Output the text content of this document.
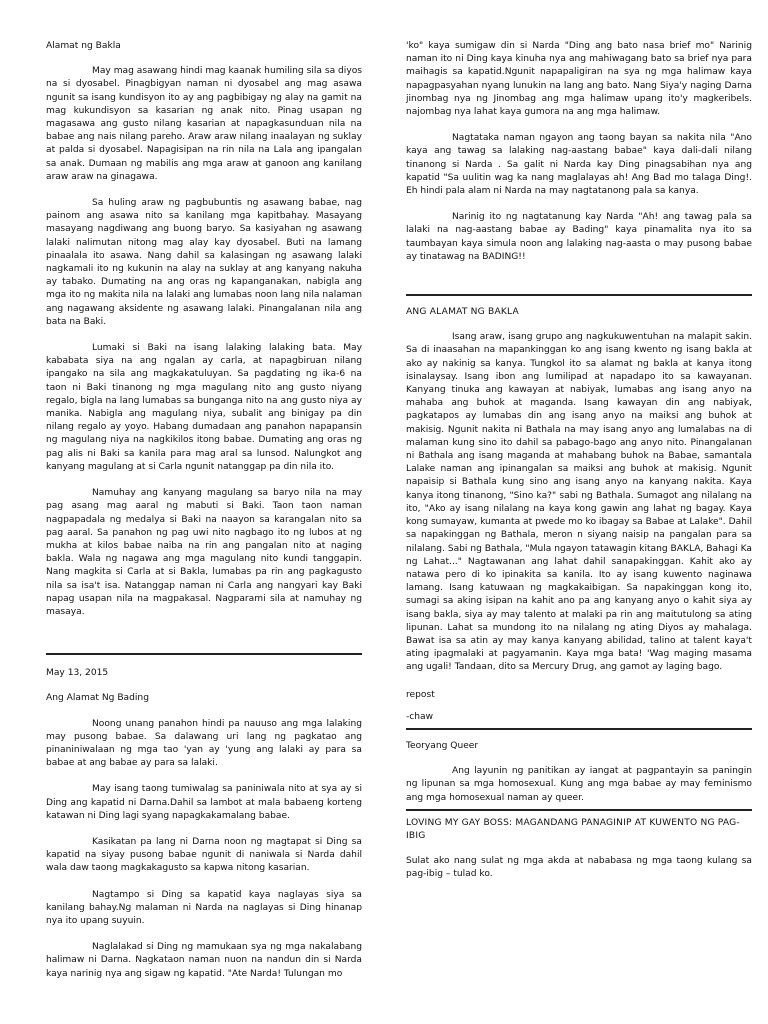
Alamat ng Bakla

May mag asawang hindi mag kaanak humiling sila sa diyos na si dyosabel. Pinagbigyan naman ni dyosabel ang mag asawa ngunit sa isang kundisyon ito ay ang pagbibigay ng alay na gamit na mag kukundisyon sa kasarian ng anak nito. Pinag usapan ng magasawa ang gusto nilang kasarian at napagkasunduan nila na babae ang nais nilang pareho. Araw araw nilang inaalayan ng suklay at palda si dyosabel. Napagisipan na rin nila na Lala ang ipangalan sa anak. Dumaan ng mabilis ang mga araw at ganoon ang kanilang araw araw na ginagawa.

Sa huling araw ng pagbubuntis ng asawang babae, nag painom ang asawa nito sa kanilang mga kapitbahay. Masayang masayang nagdiwang ang buong baryo. Sa kasiyahan ng asawang lalaki nalimutan nitong mag alay kay dyosabel. Buti na lamang pinaalala ito asawa. Nang dahil sa kalasingan ng asawang lalaki nagkamali ito ng kukunin na alay na suklay at ang kanyang nakuha ay tabako. Dumating na ang oras ng kapanganakan, nabigla ang mga ito ng makita nila na lalaki ang lumabas noon lang nila nalaman ang nagawang aksidente ng asawang lalaki. Pinangalanan nila ang bata na Baki.

Lumaki si Baki na isang lalaking lalaking bata. May kababata siya na ang ngalan ay carla, at napagbiruan nilang ipangako na sila ang magkakatuluyan. Sa pagdating ng ika-6 na taon ni Baki tinanong ng mga magulang nito ang gusto niyang regalo, bigla na lang lumabas sa bunganga nito na ang gusto niya ay manika. Nabigla ang magulang niya, subalit ang binigay pa din nilang regalo ay yoyo. Habang dumadaan ang panahon napapansin ng magulang niya na nagkikilos itong babae. Dumating ang oras ng pag alis ni Baki sa kanila para mag aral sa lunsod. Nalungkot ang kanyang magulang at si Carla ngunit natanggap pa din nila ito.

Namuhay ang kanyang magulang sa baryo nila na may pag asang mag aaral ng mabuti si Baki. Taon taon naman nagpapadala ng medalya si Baki na naayon sa karangalan nito sa pag aaral. Sa panahon ng pag uwi nito nagbago ito ng lubos at ng mukha at kilos babae naiba na rin ang pangalan nito at naging bakla. Wala ng nagawa ang mga magulang nito kundi tanggapin. Nang magkita si Carla at si Bakla, lumabas pa rin ang pagkagusto nila sa isa't isa. Natanggap naman ni Carla ang nangyari kay Baki napag usapan nila na magpakasal. Nagparami sila at namuhay ng masaya.

May 13, 2015

Ang Alamat Ng Bading

Noong unang panahon hindi pa nauuso ang mga lalaking may pusong babae. Sa dalawang uri lang ng pagkatao ang pinaniniwalaan ng mga tao 'yan ay 'yung ang lalaki ay para sa babae at ang babae ay para sa lalaki.

May isang taong tumiwalag sa paniniwala nito at sya ay si Ding ang kapatid ni Darna.Dahil sa lambot at mala babaeng korteng katawan ni Ding lagi syang napagkakamalang babae.

Kasikatan pa lang ni Darna noon ng magtapat si Ding sa kapatid na siyay pusong babae ngunit di naniwala si Narda dahil wala daw taong magkakagusto sa kapwa nitong kasarian.

Nagtampo si Ding sa kapatid kaya naglayas siya sa kanilang bahay.Ng malaman ni Narda na naglayas si Ding hinanap nya ito upang suyuin.

Naglalakad si Ding ng mamukaan sya ng mga nakalabang halimaw ni Darna. Nagkataon naman nuon na nandun din si Narda kaya narinig nya ang sigaw ng kapatid. "Ate Narda! Tulungan mo

'ko" kaya sumigaw din si Narda "Ding ang bato nasa brief mo" Narinig naman ito ni Ding kaya kinuha nya ang mahiwagang bato sa brief nya para maihagis sa kapatid.Ngunit napapaligiran na sya ng mga halimaw kaya napagpasyahan nyang lunukin na lang ang bato. Nang Siya'y naging Darna jinombag nya ng Jinombag ang mga halimaw upang ito'y magkeribels. najombag nya lahat kaya gumora na ang mga halimaw.

Nagtataka naman ngayon ang taong bayan sa nakita nila "Ano kaya ang tawag sa lalaking nag-aastang babae" kaya dali-dali nilang tinanong si Narda . Sa galit ni Narda kay Ding pinagsabihan nya ang kapatid "Sa uulitin wag ka nang maglalayas ah! Ang Bad mo talaga Ding!. Eh hindi pala alam ni Narda na may nagtatanong pala sa kanya.

Narinig ito ng nagtatanung kay Narda "Ah! ang tawag pala sa lalaki na nag-aastang babae ay Bading" kaya pinamalita nya ito sa taumbayan kaya simula noon ang lalaking nag-aasta o may pusong babae ay tinatawag na BADING!!

ANG ALAMAT NG BAKLA

Isang araw, isang grupo ang nagkukuwentuhan na malapit sakin. Sa di inaasahan na mapankinggan ko ang isang kwento ng isang bakla at ako ay nakinig sa kanya. Tungkol ito sa alamat ng bakla at kanya itong isinalaysay. Isang ibon ang lumilipad at napadapo ito sa kawayanan. Kanyang tinuka ang kawayan at nabiyak, lumabas ang isang anyo na mahaba ang buhok at maganda. Isang kawayan din ang nabiyak, pagkatapos ay lumabas din ang isang anyo na maiksi ang buhok at makisig. Ngunit nakita ni Bathala na may isang anyo ang lumalabas na di malaman kung sino ito dahil sa pabago-bago ang anyo nito. Pinangalanan ni Bathala ang isang maganda at mahabang buhok na Babae, samantala Lalake naman ang ipinangalan sa maiksi ang buhok at makisig. Ngunit napaisip si Bathala kung sino ang isang anyo na kanyang nakita. Kaya kanya itong tinanong, "Sino ka?" sabi ng Bathala. Sumagot ang nilalang na ito, "Ako ay isang nilalang na kaya kong gawin ang lahat ng bagay. Kaya kong sumayaw, kumanta at pwede mo ko ibagay sa Babae at Lalake". Dahil sa napakinggan ng Bathala, meron n siyang naisip na pangalan para sa nilalang. Sabi ng Bathala, "Mula ngayon tatawagin kitang BAKLA, Bahagi Ka ng Lahat..." Nagtawanan ang lahat dahil sanapakinggan. Kahit ako ay natawa pero di ko ipinakita sa kanila. Ito ay isang kuwento naginawa lamang. Isang katuwaan ng magkakaibigan. Sa napakinggan kong ito, sumagi sa aking isipan na kahit ano pa ang kanyang anyo o kahit siya ay isang bakla, siya ay may talento at malaki pa rin ang maitutulong sa ating lipunan. Lahat sa mundong ito na nilalang ng ating Diyos ay mahalaga. Bawat isa sa atin ay may kanya kanyang abilidad, talino at talent kaya't ating ipagmalaki at pagyamanin. Kaya mga bata! 'Wag maging masama ang ugali! Tandaan, dito sa Mercury Drug, ang gamot ay laging bago.

repost

-chaw

Teoryang Queer

Ang layunin ng panitikan ay iangat at pagpantayin sa paningin ng lipunan sa mga homosexual. Kung ang mga babae ay may feminismo ang mga homosexual naman ay queer.

LOVING MY GAY BOSS: MAGANDANG PANAGINIP AT KUWENTO NG PAG-IBIG

Sulat ako nang sulat ng mga akda at nababasa ng mga taong kulang sa pag-ibig – tulad ko.
